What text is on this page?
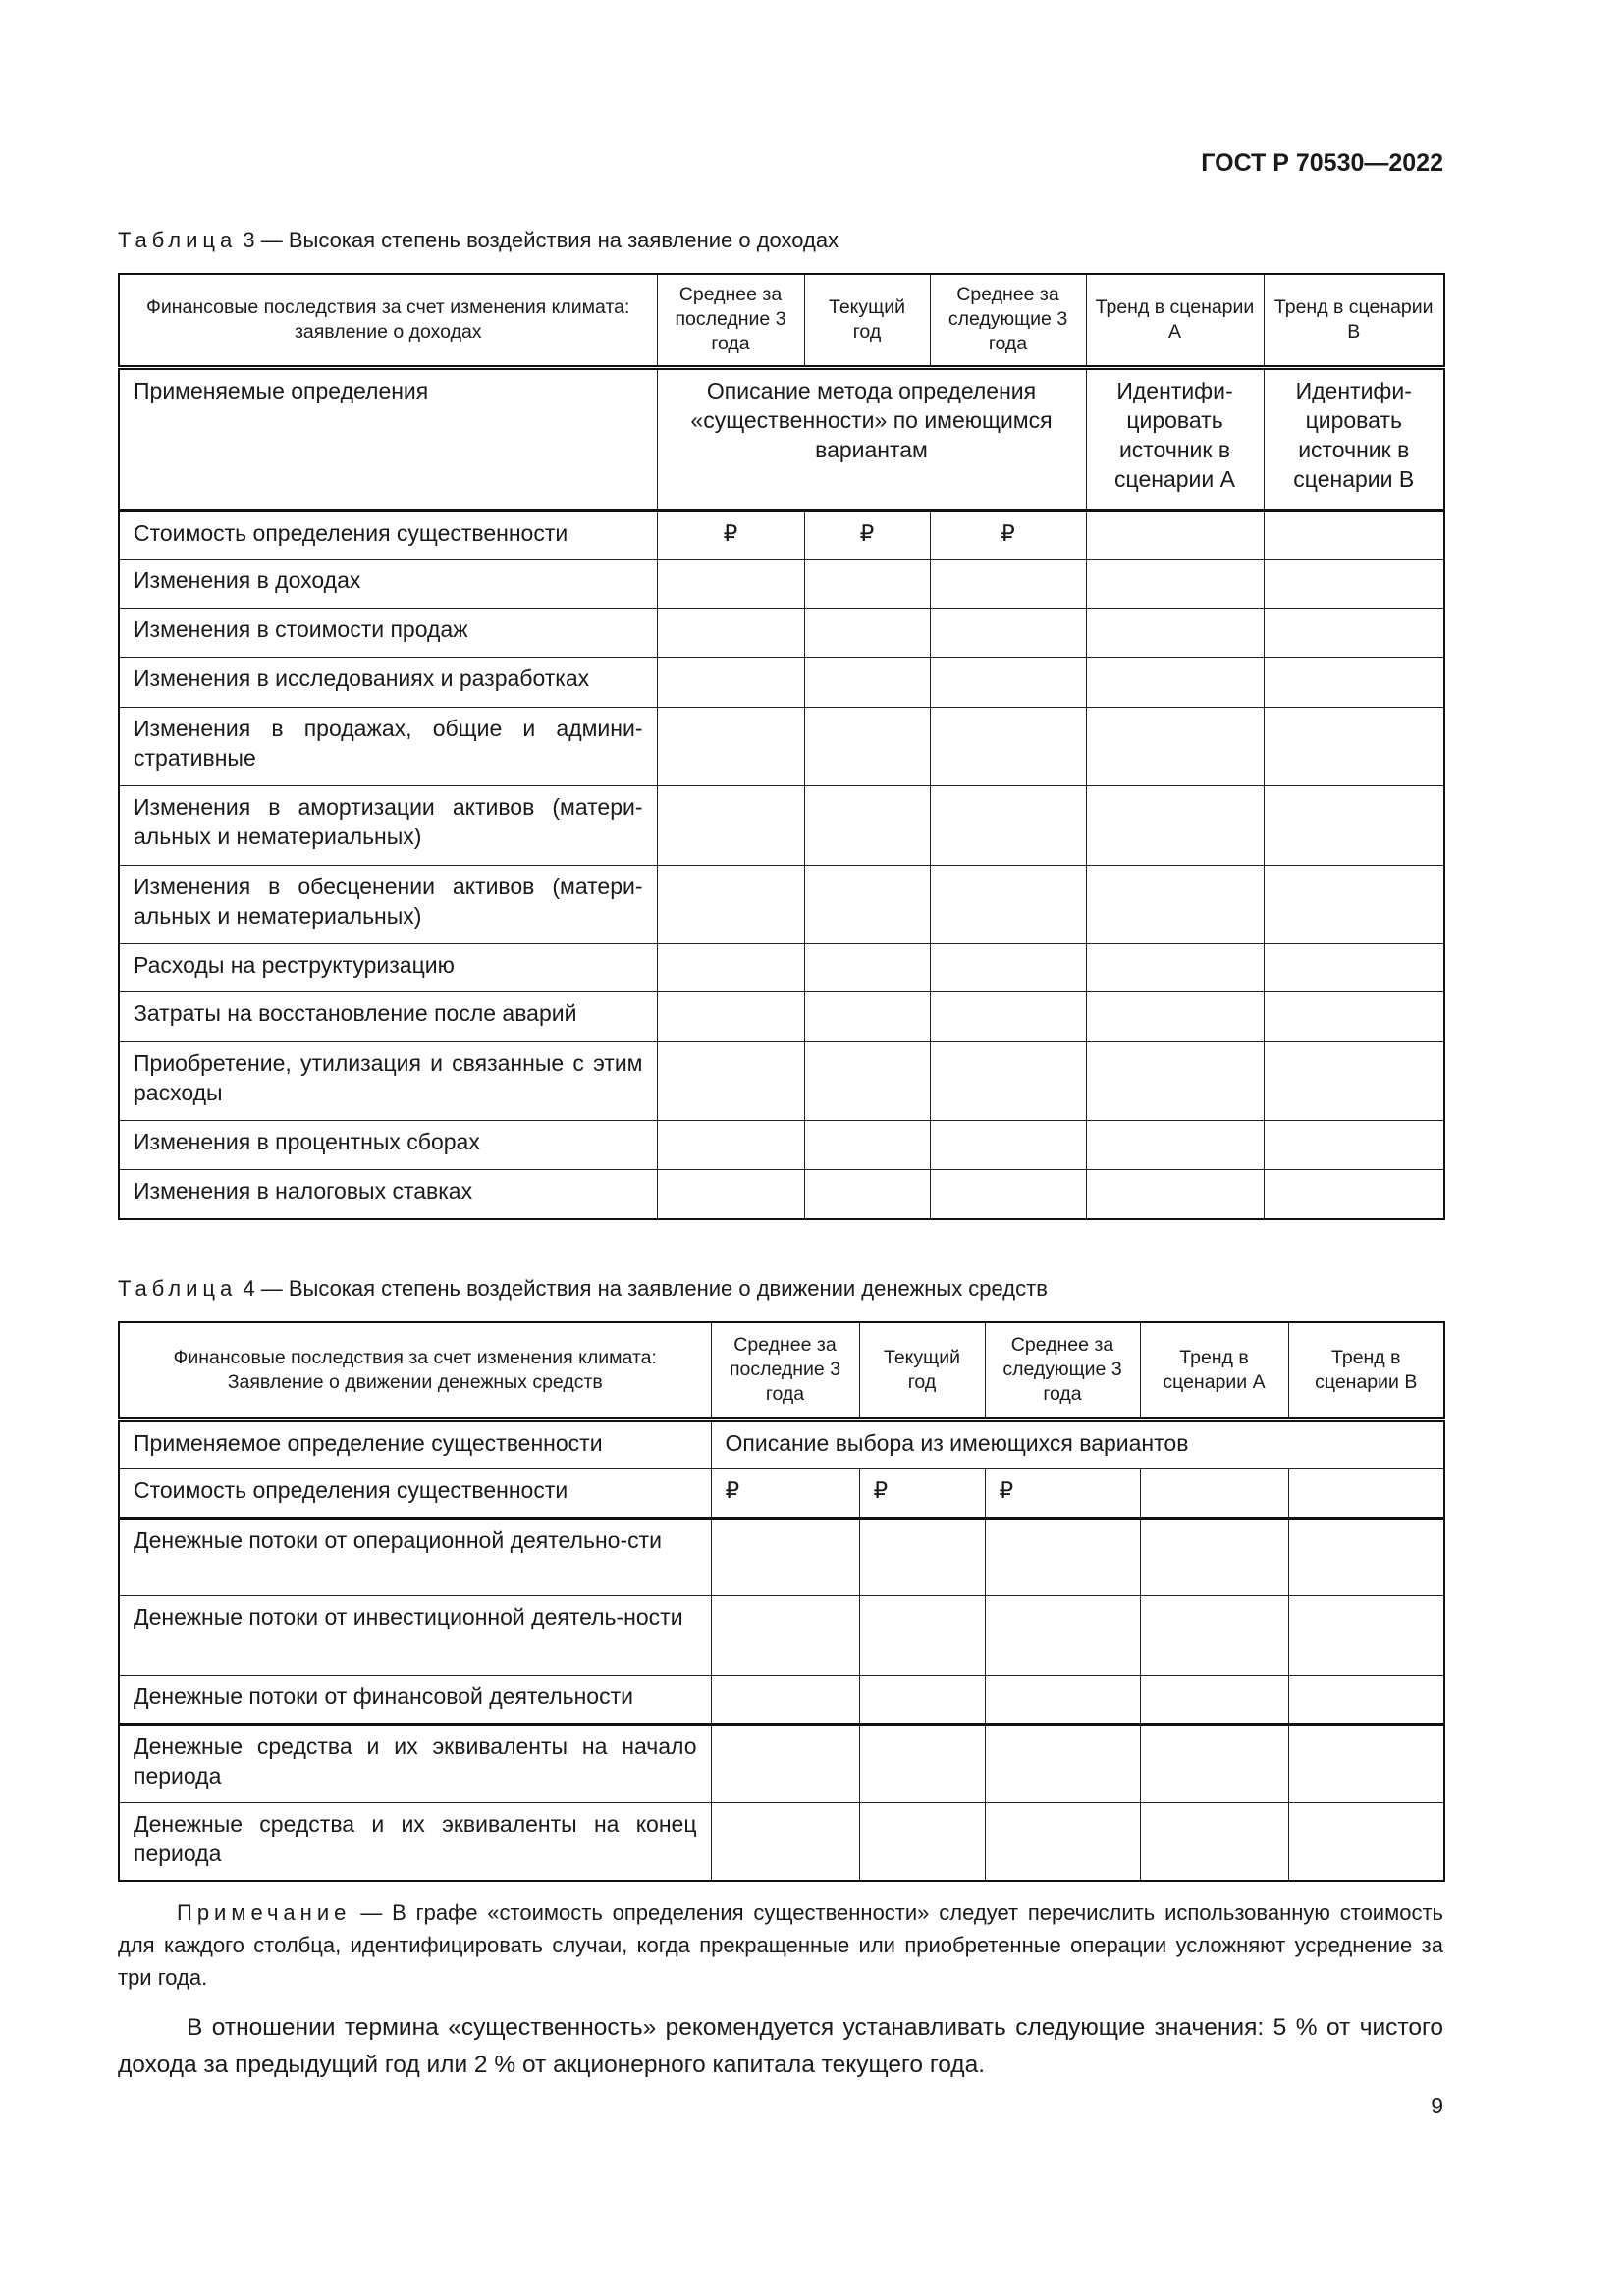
ГОСТ Р 70530—2022
Таблица 3 — Высокая степень воздействия на заявление о доходах
Финансовые последствия за счет изменения климата: заявление о доходах	Среднее за последние 3 года	Текущий год	Среднее за следующие 3 года	Тренд в сценарии А	Тренд в сценарии В
Применяемые определения	Описание метода определения «существенности» по имеющимся вариантам			Идентифи-цировать источник в сценарии А	Идентифи-цировать источник в сценарии В
Стоимость определения существенности	₽	₽	₽		
Изменения в доходах					
Изменения в стоимости продаж					
Изменения в исследованиях и разработках					
Изменения в продажах, общие и админи-стративные					
Изменения в амортизации активов (матери-альных и нематериальных)					
Изменения в обесценении активов (матери-альных и нематериальных)					
Расходы на реструктуризацию					
Затраты на восстановление после аварий					
Приобретение, утилизация и связанные с этим расходы					
Изменения в процентных сборах					
Изменения в налоговых ставках					
Таблица 4 — Высокая степень воздействия на заявление о движении денежных средств
Финансовые последствия за счет изменения климата: Заявление о движении денежных средств	Среднее за последние 3 года	Текущий год	Среднее за следующие 3 года	Тренд в сценарии А	Тренд в сценарии В
Применяемое определение существенности	Описание выбора из имеющихся вариантов				
Стоимость определения существенности	₽	₽	₽		
Денежные потоки от операционной деятельно-сти					
Денежные потоки от инвестиционной деятель-ности					
Денежные потоки от финансовой деятельности					
Денежные средства и их эквиваленты на начало периода					
Денежные средства и их эквиваленты на конец периода					
Примечание — В графе «стоимость определения существенности» следует перечислить использованную стоимость для каждого столбца, идентифицировать случаи, когда прекращенные или приобретенные операции усложняют усреднение за три года.
В отношении термина «существенность» рекомендуется устанавливать следующие значения: 5 % от чистого дохода за предыдущий год или 2 % от акционерного капитала текущего года.
9
